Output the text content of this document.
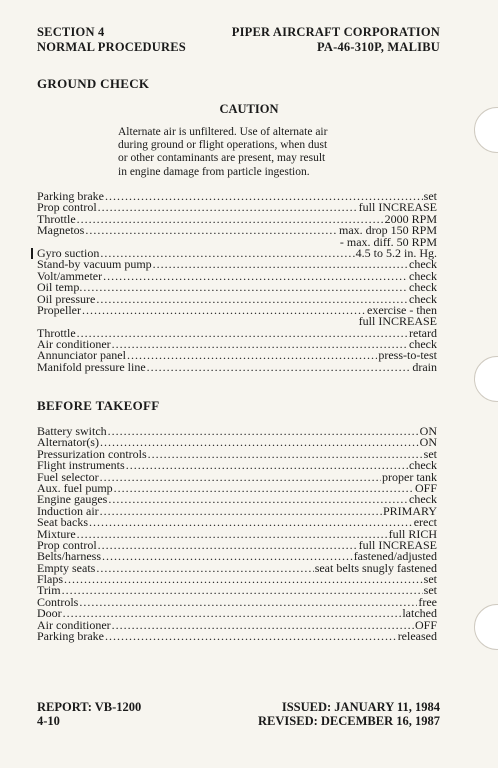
SECTION 4
NORMAL PROCEDURES
PIPER AIRCRAFT CORPORATION
PA-46-310P, MALIBU
GROUND CHECK
CAUTION
Alternate air is unfiltered. Use of alternate air
during ground or flight operations, when dust
or other contaminants are present, may result
in engine damage from particle ingestion.
Parking brake .....	set
Prop control .....	full INCREASE
Throttle .....	2000 RPM
Magnetos .....	max. drop 150 RPM
- max. diff. 50 RPM
Gyro suction .....	4.5 to 5.2 in. Hg.
Stand-by vacuum pump .....	check
Volt/ammeter .....	check
Oil temp. .....	check
Oil pressure .....	check
Propeller .....	exercise - then
full INCREASE
Throttle .....	retard
Air conditioner .....	check
Annunciator panel .....	press-to-test
Manifold pressure line .....	drain
BEFORE TAKEOFF
Battery switch .....	ON
Alternator(s) .....	ON
Pressurization controls .....	set
Flight instruments .....	check
Fuel selector .....	proper tank
Aux. fuel pump .....	OFF
Engine gauges .....	check
Induction air .....	PRIMARY
Seat backs .....	erect
Mixture .....	full RICH
Prop control .....	full INCREASE
Belts/harness .....	fastened/adjusted
Empty seats .....	seat belts snugly fastened
Flaps .....	set
Trim .....	set
Controls .....	free
Door .....	latched
Air conditioner .....	OFF
Parking brake .....	released
REPORT: VB-1200
4-10
ISSUED: JANUARY 11, 1984
REVISED: DECEMBER 16, 1987
